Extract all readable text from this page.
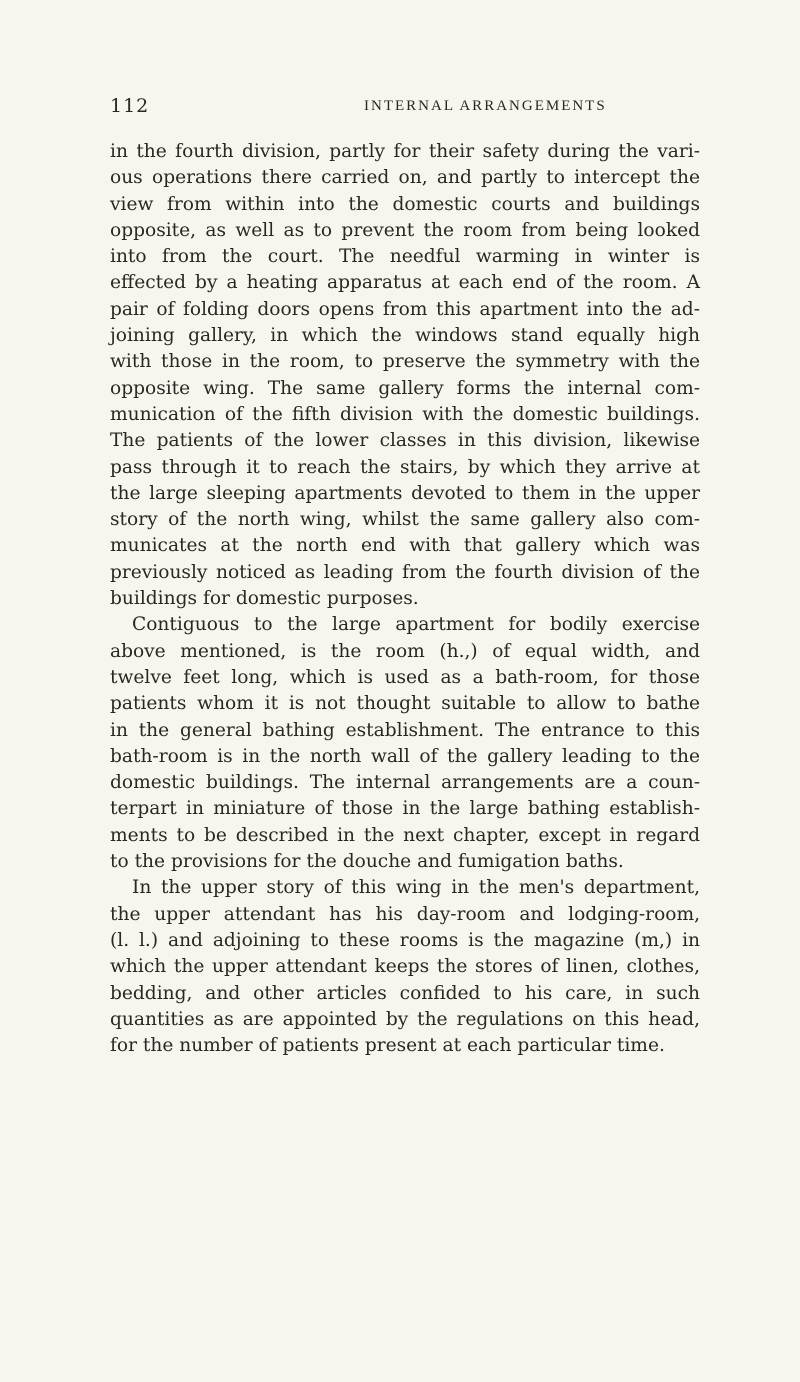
112	INTERNAL ARRANGEMENTS
in the fourth division, partly for their safety during the vari-
ous operations there carried on, and partly to intercept the
view from within into the domestic courts and buildings
opposite, as well as to prevent the room from being looked
into from the court. The needful warming in winter is
effected by a heating apparatus at each end of the room. A
pair of folding doors opens from this apartment into the ad-
joining gallery, in which the windows stand equally high
with those in the room, to preserve the symmetry with the
opposite wing. The same gallery forms the internal com-
munication of the fifth division with the domestic buildings.
The patients of the lower classes in this division, likewise
pass through it to reach the stairs, by which they arrive at
the large sleeping apartments devoted to them in the upper
story of the north wing, whilst the same gallery also com-
municates at the north end with that gallery which was
previously noticed as leading from the fourth division of the
buildings for domestic purposes.
Contiguous to the large apartment for bodily exercise
above mentioned, is the room (h.,) of equal width, and
twelve feet long, which is used as a bath-room, for those
patients whom it is not thought suitable to allow to bathe
in the general bathing establishment. The entrance to this
bath-room is in the north wall of the gallery leading to the
domestic buildings. The internal arrangements are a coun-
terpart in miniature of those in the large bathing establish-
ments to be described in the next chapter, except in regard
to the provisions for the douche and fumigation baths.
In the upper story of this wing in the men's department,
the upper attendant has his day-room and lodging-room,
(l. l.) and adjoining to these rooms is the magazine (m,) in
which the upper attendant keeps the stores of linen, clothes,
bedding, and other articles confided to his care, in such
quantities as are appointed by the regulations on this head,
for the number of patients present at each particular time.
